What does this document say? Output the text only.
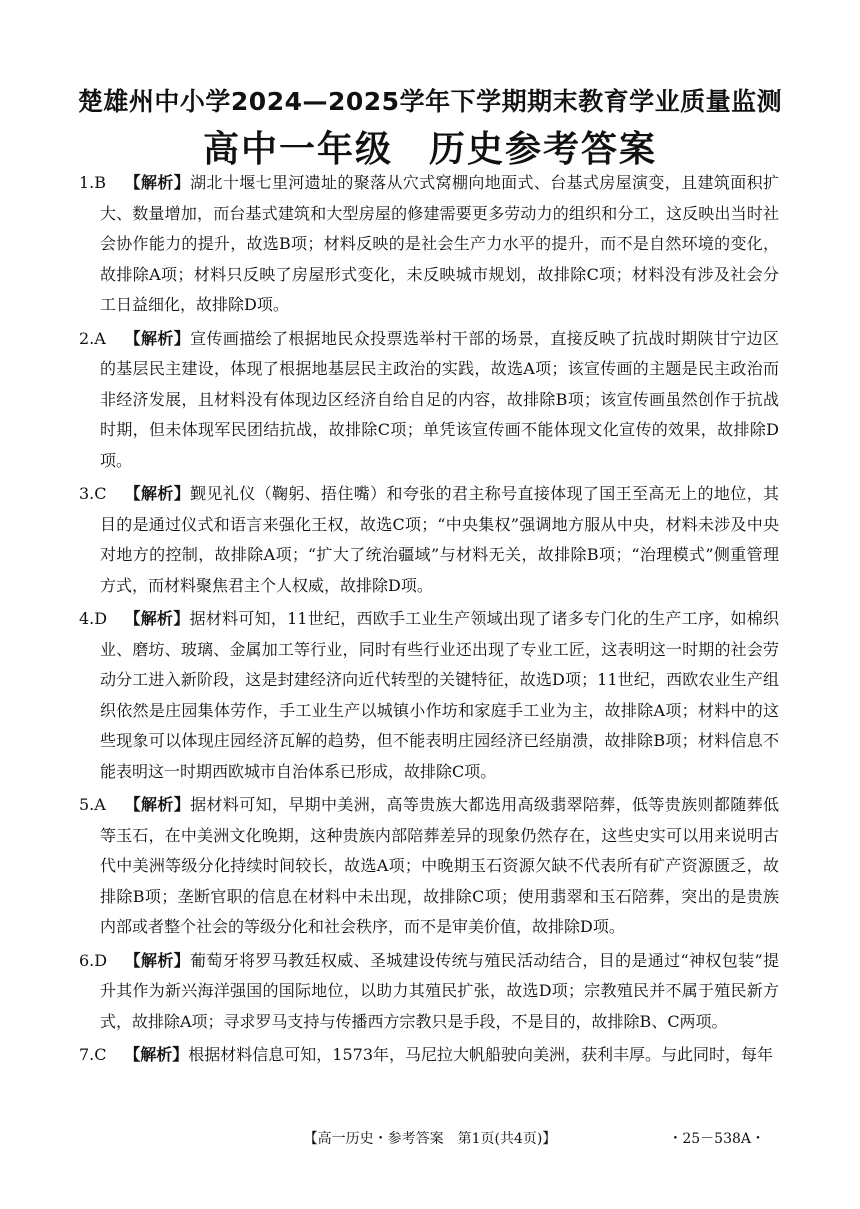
楚雄州中小学2024—2025学年下学期期末教育学业质量监测
高中一年级 历史参考答案
1.B 【解析】湖北十堰七里河遗址的聚落从穴式窝棚向地面式、台基式房屋演变，且建筑面积扩大、数量增加，而台基式建筑和大型房屋的修建需要更多劳动力的组织和分工，这反映出当时社会协作能力的提升，故选B项；材料反映的是社会生产力水平的提升，而不是自然环境的变化，故排除A项；材料只反映了房屋形式变化，未反映城市规划，故排除C项；材料没有涉及社会分工日益细化，故排除D项。
2.A 【解析】宣传画描绘了根据地民众投票选举村干部的场景，直接反映了抗战时期陕甘宁边区的基层民主建设，体现了根据地基层民主政治的实践，故选A项；该宣传画的主题是民主政治而非经济发展，且材料没有体现边区经济自给自足的内容，故排除B项；该宣传画虽然创作于抗战时期，但未体现军民团结抗战，故排除C项；单凭该宣传画不能体现文化宣传的效果，故排除D项。
3.C 【解析】觐见礼仪（鞠躬、捂住嘴）和夸张的君主称号直接体现了国王至高无上的地位，其目的是通过仪式和语言来强化王权，故选C项；“中央集权”强调地方服从中央，材料未涉及中央对地方的控制，故排除A项；“扩大了统治疆域”与材料无关，故排除B项；“治理模式”侧重管理方式，而材料聚焦君主个人权威，故排除D项。
4.D 【解析】据材料可知，11世纪，西欧手工业生产领域出现了诸多专门化的生产工序，如棉织业、磨坊、玻璃、金属加工等行业，同时有些行业还出现了专业工匠，这表明这一时期的社会劳动分工进入新阶段，这是封建经济向近代转型的关键特征，故选D项；11世纪，西欧农业生产组织依然是庄园集体劳作，手工业生产以城镇小作坊和家庭手工业为主，故排除A项；材料中的这些现象可以体现庄园经济瓦解的趋势，但不能表明庄园经济已经崩溃，故排除B项；材料信息不能表明这一时期西欧城市自治体系已形成，故排除C项。
5.A 【解析】据材料可知，早期中美洲，高等贵族大都选用高级翡翠陪葬，低等贵族则都随葬低等玉石，在中美洲文化晚期，这种贵族内部陪葬差异的现象仍然存在，这些史实可以用来说明古代中美洲等级分化持续时间较长，故选A项；中晚期玉石资源欠缺不代表所有矿产资源匮乏，故排除B项；垄断官职的信息在材料中未出现，故排除C项；使用翡翠和玉石陪葬，突出的是贵族内部或者整个社会的等级分化和社会秩序，而不是审美价值，故排除D项。
6.D 【解析】葡萄牙将罗马教廷权威、圣城建设传统与殖民活动结合，目的是通过“神权包装”提升其作为新兴海洋强国的国际地位，以助力其殖民扩张，故选D项；宗教殖民并不属于殖民新方式，故排除A项；寻求罗马支持与传播西方宗教只是手段，不是目的，故排除B、C两项。
7.C 【解析】根据材料信息可知，1573年，马尼拉大帆船驶向美洲，获利丰厚。与此同时，每年
【高一历史・参考答案　第1页(共4页)】	・25－538A・
